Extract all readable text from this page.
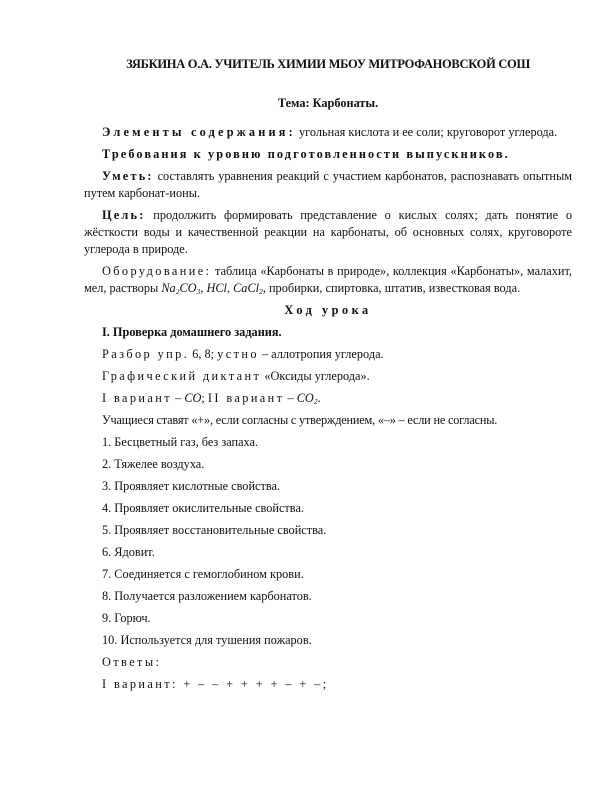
ЗЯБКИНА О.А. УЧИТЕЛЬ ХИМИИ МБОУ МИТРОФАНОВСКОЙ СОШ

Тема: Карбонаты.

Элементы содержания: угольная кислота и ее соли; круговорот углерода.

Требования к уровню подготовленности выпускников.

Уметь: составлять уравнения реакций с участием карбонатов, распознавать опытным путем карбонат-ионы.

Цель: продолжить формировать представление о кислых солях; дать понятие о жёсткости воды и качественной реакции на карбонаты, об основных солях, круговороте углерода в природе.

Оборудование: таблица «Карбонаты в природе», коллекция «Карбонаты», малахит, мел, растворы $Na_2CO_3$, HCl, CaCl$_2$, пробирки, спиртовка, штатив, известковая вода.

Ход урока

I. Проверка домашнего задания.

Разбор упр. 6, 8; устно – аллотропия углерода.

Графический диктант «Оксиды углерода».

I вариант – CO; II вариант – $CO_2$.

Учащиеся ставят «+», если согласны с утверждением, «–» – если не согласны.

1. Бесцветный газ, без запаха.

2. Тяжелее воздуха.

3. Проявляет кислотные свойства.

4. Проявляет окислительные свойства.

5. Проявляет восстановительные свойства.

6. Ядовит.

7. Соединяется с гемоглобином крови.

8. Получается разложением карбонатов.

9. Горюч.

10. Используется для тушения пожаров.

Ответы:

I вариант: + – – + + + + – + –;
